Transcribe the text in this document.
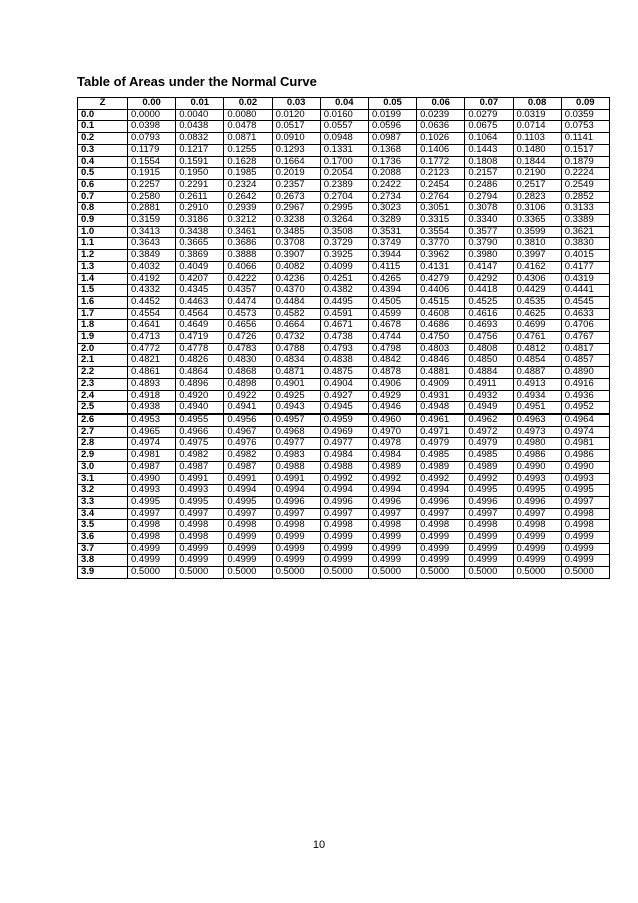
Table of Areas under the Normal Curve
Z	0.00	0.01	0.02	0.03	0.04	0.05	0.06	0.07	0.08	0.09
0.0	0.0000	0.0040	0.0080	0.0120	0.0160	0.0199	0.0239	0.0279	0.0319	0.0359
0.1	0.0398	0.0438	0.0478	0.0517	0.0557	0.0596	0.0636	0.0675	0.0714	0.0753
0.2	0.0793	0.0832	0.0871	0.0910	0.0948	0.0987	0.1026	0.1064	0.1103	0.1141
0.3	0.1179	0.1217	0.1255	0.1293	0.1331	0.1368	0.1406	0.1443	0.1480	0.1517
0.4	0.1554	0.1591	0.1628	0.1664	0.1700	0.1736	0.1772	0.1808	0.1844	0.1879
0.5	0.1915	0.1950	0.1985	0.2019	0.2054	0.2088	0.2123	0.2157	0.2190	0.2224
0.6	0.2257	0.2291	0.2324	0.2357	0.2389	0.2422	0.2454	0.2486	0.2517	0.2549
0.7	0.2580	0.2611	0.2642	0.2673	0.2704	0.2734	0.2764	0.2794	0.2823	0.2852
0.8	0.2881	0.2910	0.2939	0.2967	0.2995	0.3023	0.3051	0.3078	0.3106	0.3133
0.9	0.3159	0.3186	0.3212	0.3238	0.3264	0.3289	0.3315	0.3340	0.3365	0.3389
1.0	0.3413	0.3438	0.3461	0.3485	0.3508	0.3531	0.3554	0.3577	0.3599	0.3621
1.1	0.3643	0.3665	0.3686	0.3708	0.3729	0.3749	0.3770	0.3790	0.3810	0.3830
1.2	0.3849	0.3869	0.3888	0.3907	0.3925	0.3944	0.3962	0.3980	0.3997	0.4015
1.3	0.4032	0.4049	0.4066	0.4082	0.4099	0.4115	0.4131	0.4147	0.4162	0.4177
1.4	0.4192	0.4207	0.4222	0.4236	0.4251	0.4265	0.4279	0.4292	0.4306	0.4319
1.5	0.4332	0.4345	0.4357	0.4370	0.4382	0.4394	0.4406	0.4418	0.4429	0.4441
1.6	0.4452	0.4463	0.4474	0.4484	0.4495	0.4505	0.4515	0.4525	0.4535	0.4545
1.7	0.4554	0.4564	0.4573	0.4582	0.4591	0.4599	0.4608	0.4616	0.4625	0.4633
1.8	0.4641	0.4649	0.4656	0.4664	0.4671	0.4678	0.4686	0.4693	0.4699	0.4706
1.9	0.4713	0.4719	0.4726	0.4732	0.4738	0.4744	0.4750	0.4756	0.4761	0.4767
2.0	0.4772	0.4778	0.4783	0.4788	0.4793	0.4798	0.4803	0.4808	0.4812	0.4817
2.1	0.4821	0.4826	0.4830	0.4834	0.4838	0.4842	0.4846	0.4850	0.4854	0.4857
2.2	0.4861	0.4864	0.4868	0.4871	0.4875	0.4878	0.4881	0.4884	0.4887	0.4890
2.3	0.4893	0.4896	0.4898	0.4901	0.4904	0.4906	0.4909	0.4911	0.4913	0.4916
2.4	0.4918	0.4920	0.4922	0.4925	0.4927	0.4929	0.4931	0.4932	0.4934	0.4936
2.5	0.4938	0.4940	0.4941	0.4943	0.4945	0.4946	0.4948	0.4949	0.4951	0.4952
2.6	0.4953	0.4955	0.4956	0.4957	0.4959	0.4960	0.4961	0.4962	0.4963	0.4964
2.7	0.4965	0.4966	0.4967	0.4968	0.4969	0.4970	0.4971	0.4972	0.4973	0.4974
2.8	0.4974	0.4975	0.4976	0.4977	0.4977	0.4978	0.4979	0.4979	0.4980	0.4981
2.9	0.4981	0.4982	0.4982	0.4983	0.4984	0.4984	0.4985	0.4985	0.4986	0.4986
3.0	0.4987	0.4987	0.4987	0.4988	0.4988	0.4989	0.4989	0.4989	0.4990	0.4990
3.1	0.4990	0.4991	0.4991	0.4991	0.4992	0.4992	0.4992	0.4992	0.4993	0.4993
3.2	0.4993	0.4993	0.4994	0.4994	0.4994	0.4994	0.4994	0.4995	0.4995	0.4995
3.3	0.4995	0.4995	0.4995	0.4996	0.4996	0.4996	0.4996	0.4996	0.4996	0.4997
3.4	0.4997	0.4997	0.4997	0.4997	0.4997	0.4997	0.4997	0.4997	0.4997	0.4998
3.5	0.4998	0.4998	0.4998	0.4998	0.4998	0.4998	0.4998	0.4998	0.4998	0.4998
3.6	0.4998	0.4998	0.4999	0.4999	0.4999	0.4999	0.4999	0.4999	0.4999	0.4999
3.7	0.4999	0.4999	0.4999	0.4999	0.4999	0.4999	0.4999	0.4999	0.4999	0.4999
3.8	0.4999	0.4999	0.4999	0.4999	0.4999	0.4999	0.4999	0.4999	0.4999	0.4999
3.9	0.5000	0.5000	0.5000	0.5000	0.5000	0.5000	0.5000	0.5000	0.5000	0.5000
10
